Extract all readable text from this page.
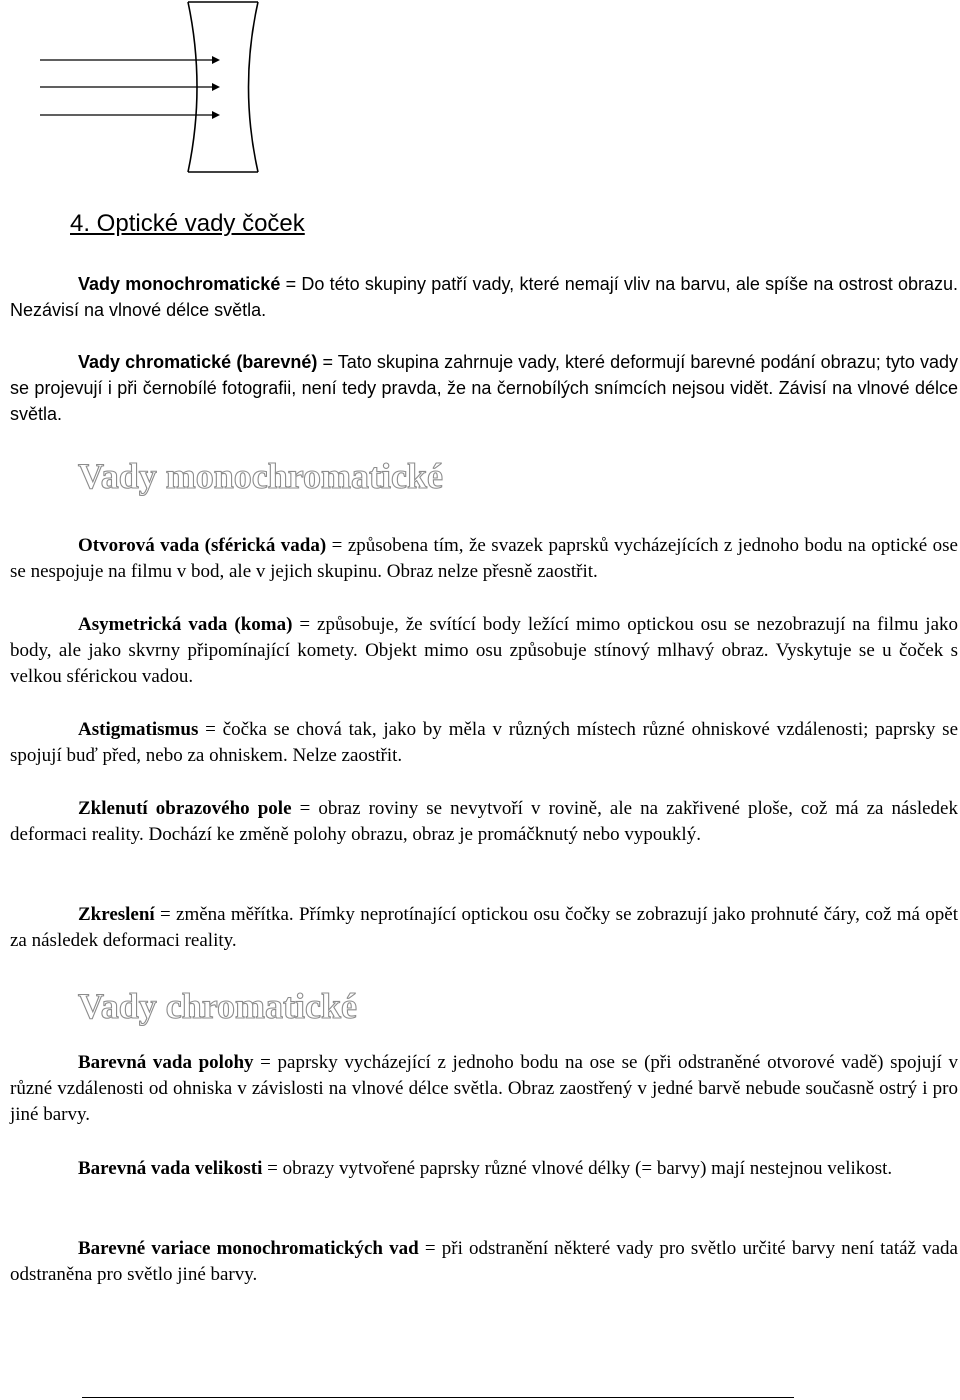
4. Optické vady čoček

Vady monochromatické = Do této skupiny patří vady, které nemají vliv na barvu, ale spíše na ostrost obrazu. Nezávisí na vlnové délce světla.

Vady chromatické (barevné) = Tato skupina zahrnuje vady, které deformují barevné podání obrazu; tyto vady se projevují i při černobílé fotografii, není tedy pravda, že na černobílých snímcích nejsou vidět. Závisí na vlnové délce světla.

Vady monochromatické

Otvorová vada (sférická vada) = způsobena tím, že svazek paprsků vycházejících z jednoho bodu na optické ose se nespojuje na filmu v bod, ale v jejich skupinu. Obraz nelze přesně zaostřit.

Asymetrická vada (koma) = způsobuje, že svítící body ležící mimo optickou osu se nezobrazují na filmu jako body, ale jako skvrny připomínající komety. Objekt mimo osu způsobuje stínový mlhavý obraz. Vyskytuje se u čoček s velkou sférickou vadou.

Astigmatismus = čočka se chová tak, jako by měla v různých místech různé ohniskové vzdálenosti; paprsky se spojují buď před, nebo za ohniskem. Nelze zaostřit.

Zklenutí obrazového pole = obraz roviny se nevytvoří v rovině, ale na zakřivené ploše, což má za následek deformaci reality. Dochází ke změně polohy obrazu, obraz je promáčknutý nebo vypouklý.

Zkreslení = změna měřítka. Přímky neprotínající optickou osu čočky se zobrazují jako prohnuté čáry, což má opět za následek deformaci reality.

Vady chromatické

Barevná vada polohy = paprsky vycházející z jednoho bodu na ose se (při odstraněné otvorové vadě) spojují v různé vzdálenosti od ohniska v závislosti na vlnové délce světla. Obraz zaostřený v jedné barvě nebude současně ostrý i pro jiné barvy.

Barevná vada velikosti = obrazy vytvořené paprsky různé vlnové délky (= barvy) mají nestejnou velikost.

Barevné variace monochromatických vad = při odstranění některé vady pro světlo určité barvy není tatáž vada odstraněna pro světlo jiné barvy.
